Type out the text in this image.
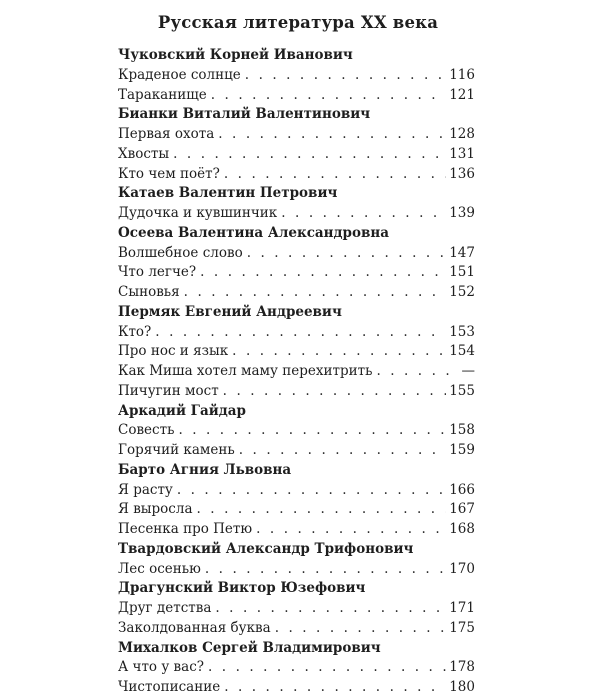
Русская литература XX века
Чуковский Корней Иванович
Краденое солнце . . .	116
Тараканище . . .	121
Бианки Виталий Валентинович
Первая охота . . .	128
Хвосты . . .	131
Кто чем поёт? . . .	136
Катаев Валентин Петрович
Дудочка и кувшинчик . . .	139
Осеева Валентина Александровна
Волшебное слово . . .	147
Что легче? . . .	151
Сыновья . . .	152
Пермяк Евгений Андреевич
Кто? . . .	153
Про нос и язык . . .	154
Как Миша хотел маму перехитрить . . .	—
Пичугин мост . . .	155
Аркадий Гайдар
Совесть . . .	158
Горячий камень . . .	159
Барто Агния Львовна
Я расту . . .	166
Я выросла . . .	167
Песенка про Петю . . .	168
Твардовский Александр Трифонович
Лес осенью . . .	170
Драгунский Виктор Юзефович
Друг детства . . .	171
Заколдованная буква . . .	175
Михалков Сергей Владимирович
А что у вас? . . .	178
Чистописание . . .	180
